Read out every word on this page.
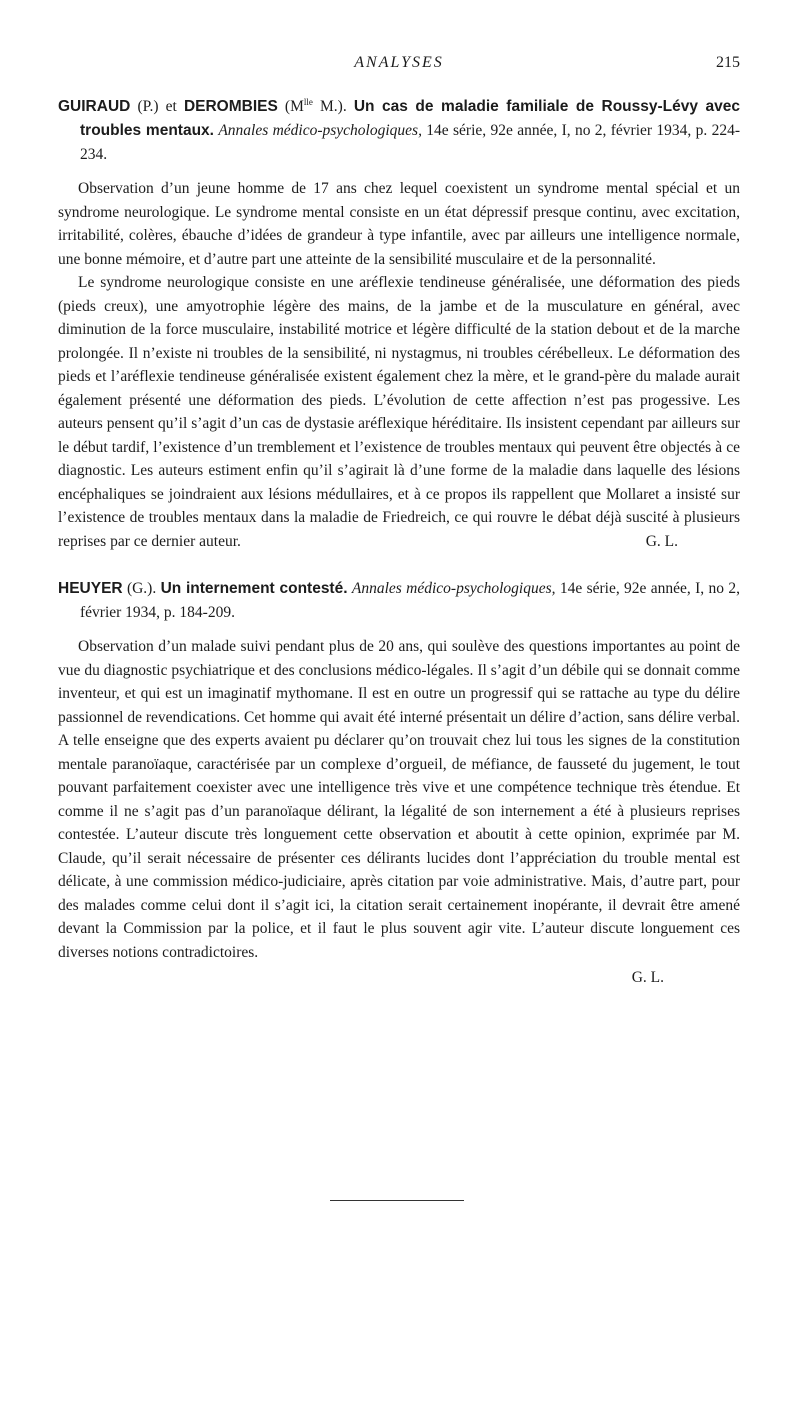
ANALYSES	215

GUIRAUD (P.) et DEROMBIES ($M^{lle}$ M.). Un cas de maladie familiale de Roussy-Lévy avec troubles mentaux. Annales médico-psychologiques, 14e série, 92e année, I, no 2, février 1934, p. 224-234.

Observation d’un jeune homme de 17 ans chez lequel coexistent un syndrome mental spécial et un syndrome neurologique. Le syndrome mental consiste en un état dépressif presque continu, avec excitation, irritabilité, colères, ébauche d’idées de grandeur à type infantile, avec par ailleurs une intelligence normale, une bonne mémoire, et d’autre part une atteinte de la sensibilité musculaire et de la personnalité.

Le syndrome neurologique consiste en une aréflexie tendineuse généralisée, une déformation des pieds (pieds creux), une amyotrophie légère des mains, de la jambe et de la musculature en général, avec diminution de la force musculaire, instabilité motrice et légère difficulté de la station debout et de la marche prolongée. Il n’existe ni troubles de la sensibilité, ni nystagmus, ni troubles cérébelleux. Le déformation des pieds et l’aréflexie tendineuse généralisée existent également chez la mère, et le grand-père du malade aurait également présenté une déformation des pieds. L’évolution de cette affection n’est pas progessive. Les auteurs pensent qu’il s’agit d’un cas de dystasie aréflexique héréditaire. Ils insistent cependant par ailleurs sur le début tardif, l’existence d’un tremblement et l’existence de troubles mentaux qui peuvent être objectés à ce diagnostic. Les auteurs estiment enfin qu’il s’agirait là d’une forme de la maladie dans laquelle des lésions encéphaliques se joindraient aux lésions médullaires, et à ce propos ils rappellent que Mollaret a insisté sur l’existence de troubles mentaux dans la maladie de Friedreich, ce qui rouvre le débat déjà suscité à plusieurs reprises par ce dernier auteur.	G. L.

HEUYER (G.). Un internement contesté. Annales médico-psychologiques, 14e série, 92e année, I, no 2, février 1934, p. 184-209.

Observation d’un malade suivi pendant plus de 20 ans, qui soulève des questions importantes au point de vue du diagnostic psychiatrique et des conclusions médico-légales. Il s’agit d’un débile qui se donnait comme inventeur, et qui est un imaginatif mythomane. Il est en outre un progressif qui se rattache au type du délire passionnel de revendications. Cet homme qui avait été interné présentait un délire d’action, sans délire verbal. A telle enseigne que des experts avaient pu déclarer qu’on trouvait chez lui tous les signes de la constitution mentale paranoïaque, caractérisée par un complexe d’orgueil, de méfiance, de fausseté du jugement, le tout pouvant parfaitement coexister avec une intelligence très vive et une compétence technique très étendue. Et comme il ne s’agit pas d’un paranoïaque délirant, la légalité de son internement a été à plusieurs reprises contestée. L’auteur discute très longuement cette observation et aboutit à cette opinion, exprimée par M. Claude, qu’il serait nécessaire de présenter ces délirants lucides dont l’appréciation du trouble mental est délicate, à une commission médico-judiciaire, après citation par voie administrative. Mais, d’autre part, pour des malades comme celui dont il s’agit ici, la citation serait certainement inopérante, il devrait être amené devant la Commission par la police, et il faut le plus souvent agir vite. L’auteur discute longuement ces diverses notions contradictoires.

G. L.
